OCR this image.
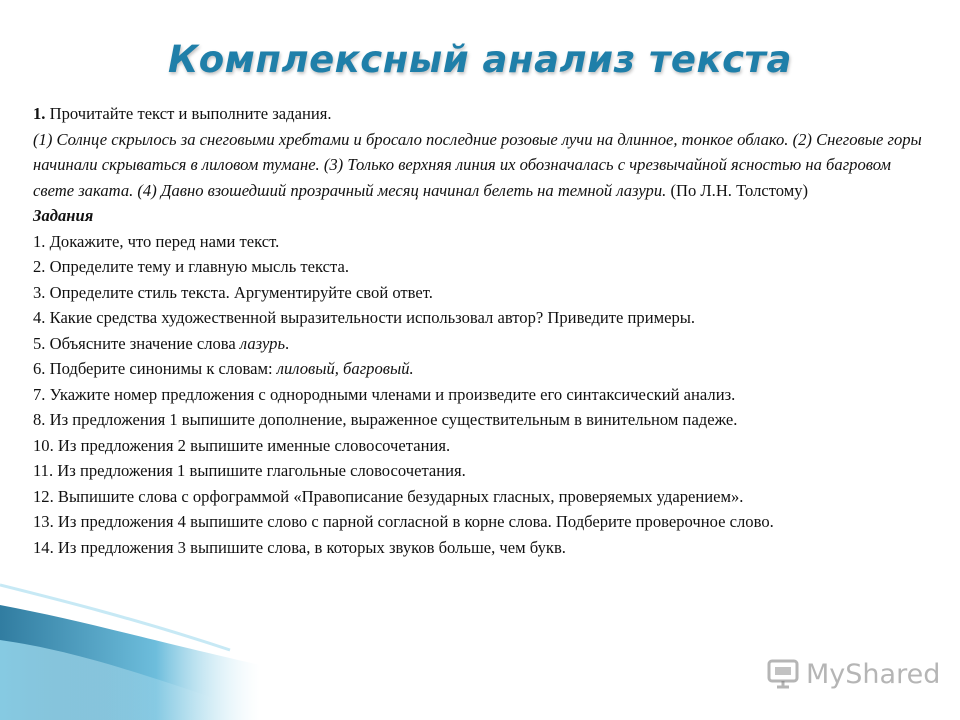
Комплексный анализ текста

1. Прочитайте текст и выполните задания.

(1) Солнце скрылось за снеговыми хребтами и бросало последние розовые лучи на длинное, тонкое облако. (2) Снеговые горы начинали скрываться в лиловом тумане. (3) Только верхняя линия их обозначалась с чрезвычайной ясностью на багровом свете заката. (4) Давно взошедший прозрачный месяц начинал белеть на темной лазури. (По Л.Н. Толстому)

Задания

1. Докажите, что перед нами текст.

2. Определите тему и главную мысль текста.

3. Определите стиль текста. Аргументируйте свой ответ.

4. Какие средства художественной выразительности использовал автор? Приведите примеры.

5. Объясните значение слова лазурь.

6. Подберите синонимы к словам: лиловый, багровый.

7. Укажите номер предложения с однородными членами и произведите его синтаксический анализ.

8. Из предложения 1 выпишите дополнение, выраженное существительным в винительном падеже.

10. Из предложения 2 выпишите именные словосочетания.

11. Из предложения 1 выпишите глагольные словосочетания.

12. Выпишите слова с орфограммой «Правописание безударных гласных, проверяемых ударением».

13. Из предложения 4 выпишите слово с парной согласной в корне слова. Подберите проверочное слово.

14. Из предложения 3 выпишите слова, в которых звуков больше, чем букв.

MyShared
